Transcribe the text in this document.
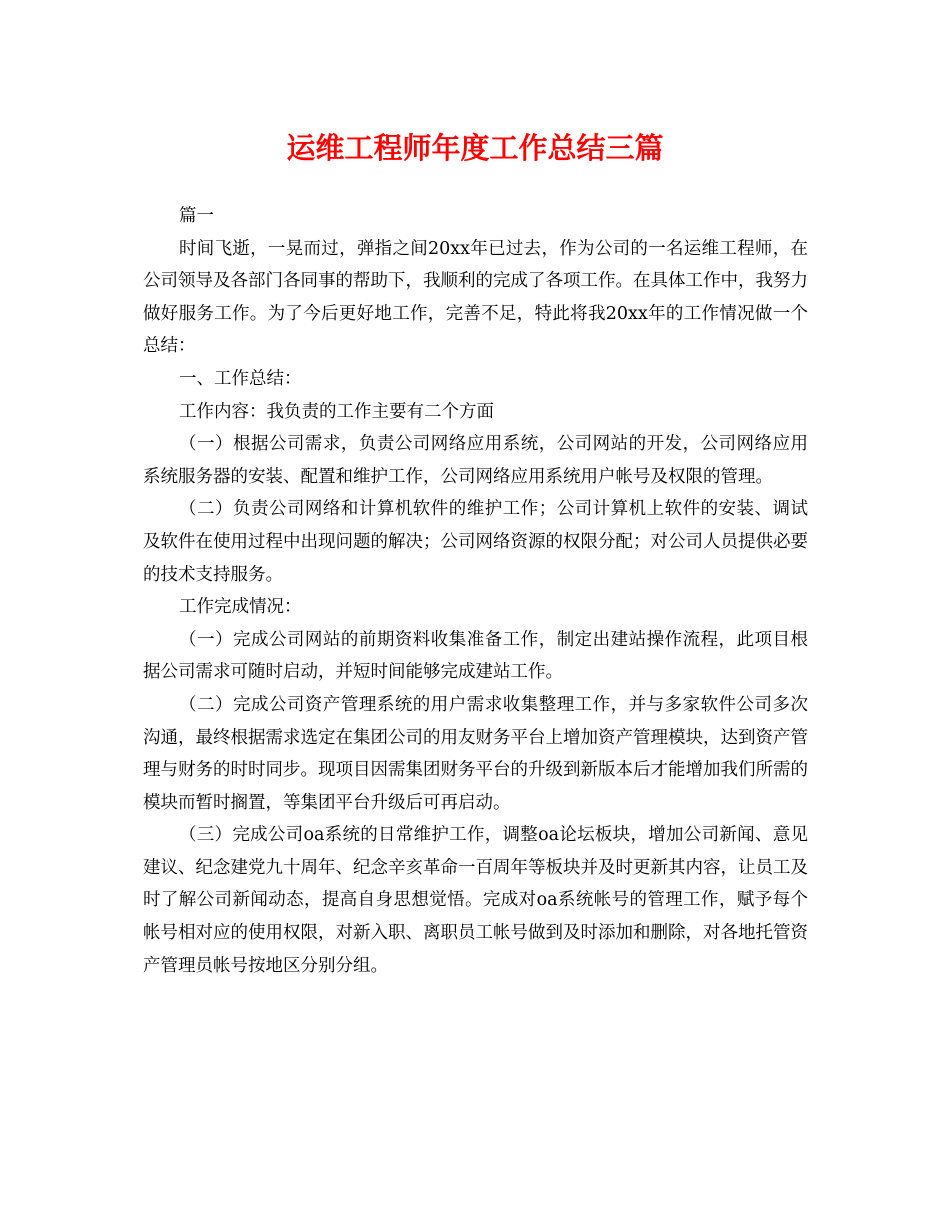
运维工程师年度工作总结三篇

篇一

时间飞逝，一晃而过，弹指之间20xx年已过去，作为公司的一名运维工程师，在公司领导及各部门各同事的帮助下，我顺利的完成了各项工作。在具体工作中，我努力做好服务工作。为了今后更好地工作，完善不足，特此将我20xx年的工作情况做一个总结：

一、工作总结：

工作内容：我负责的工作主要有二个方面

（一）根据公司需求，负责公司网络应用系统，公司网站的开发，公司网络应用系统服务器的安装、配置和维护工作，公司网络应用系统用户帐号及权限的管理。

（二）负责公司网络和计算机软件的维护工作；公司计算机上软件的安装、调试及软件在使用过程中出现问题的解决；公司网络资源的权限分配；对公司人员提供必要的技术支持服务。

工作完成情况：

（一）完成公司网站的前期资料收集准备工作，制定出建站操作流程，此项目根据公司需求可随时启动，并短时间能够完成建站工作。

（二）完成公司资产管理系统的用户需求收集整理工作，并与多家软件公司多次沟通，最终根据需求选定在集团公司的用友财务平台上增加资产管理模块，达到资产管理与财务的时时同步。现项目因需集团财务平台的升级到新版本后才能增加我们所需的模块而暂时搁置，等集团平台升级后可再启动。

（三）完成公司oa系统的日常维护工作，调整oa论坛板块，增加公司新闻、意见建议、纪念建党九十周年、纪念辛亥革命一百周年等板块并及时更新其内容，让员工及时了解公司新闻动态，提高自身思想觉悟。完成对oa系统帐号的管理工作，赋予每个帐号相对应的使用权限，对新入职、离职员工帐号做到及时添加和删除，对各地托管资产管理员帐号按地区分别分组。
